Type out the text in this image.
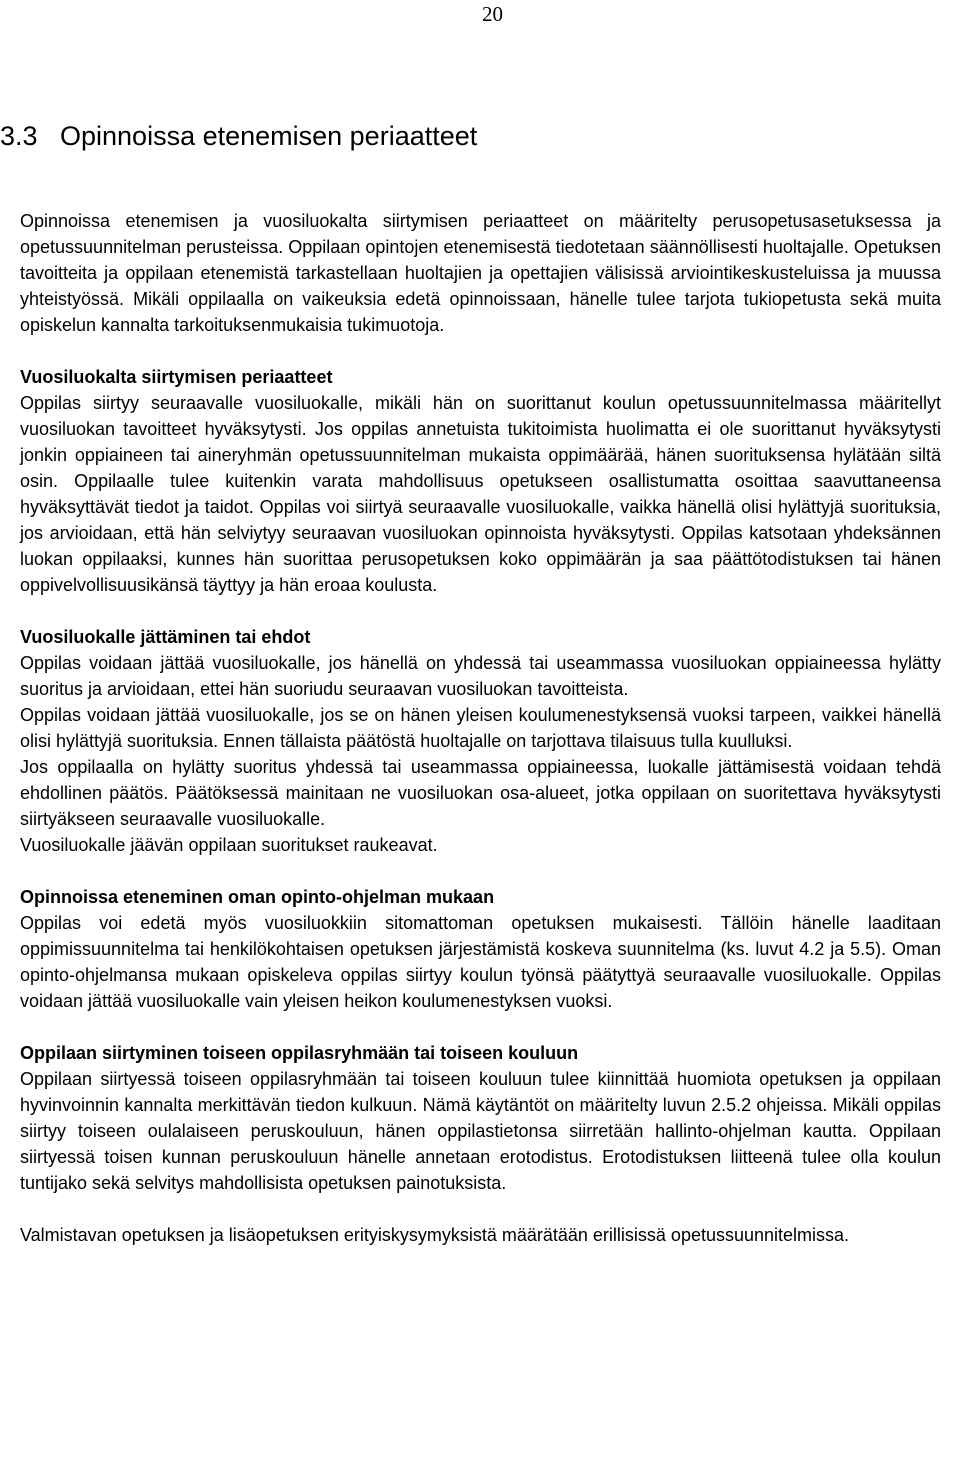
20
3.3 Opinnoissa etenemisen periaatteet

Opinnoissa etenemisen ja vuosiluokalta siirtymisen periaatteet on määritelty perusopetusasetuksessa ja opetussuunnitelman perusteissa. Oppilaan opintojen etenemisestä tiedotetaan säännöllisesti huoltajalle. Opetuksen tavoitteita ja oppilaan etenemistä tarkastellaan huoltajien ja opettajien välisissä arviointikeskusteluissa ja muussa yhteistyössä. Mikäli oppilaalla on vaikeuksia edetä opinnoissaan, hänelle tulee tarjota tukiopetusta sekä muita opiskelun kannalta tarkoituksenmukaisia tukimuotoja.

Vuosiluokalta siirtymisen periaatteet

Oppilas siirtyy seuraavalle vuosiluokalle, mikäli hän on suorittanut koulun opetussuunnitelmassa määritellyt vuosiluokan tavoitteet hyväksytysti. Jos oppilas annetuista tukitoimista huolimatta ei ole suorittanut hyväksytysti jonkin oppiaineen tai aineryhmän opetussuunnitelman mukaista oppimäärää, hänen suorituksensa hylätään siltä osin. Oppilaalle tulee kuitenkin varata mahdollisuus opetukseen osallistumatta osoittaa saavuttaneensa hyväksyttävät tiedot ja taidot. Oppilas voi siirtyä seuraavalle vuosiluokalle, vaikka hänellä olisi hylättyjä suorituksia, jos arvioidaan, että hän selviytyy seuraavan vuosiluokan opinnoista hyväksytysti. Oppilas katsotaan yhdeksännen luokan oppilaaksi, kunnes hän suorittaa perusopetuksen koko oppimäärän ja saa päättötodistuksen tai hänen oppivelvollisuusikänsä täyttyy ja hän eroaa koulusta.

Vuosiluokalle jättäminen tai ehdot

Oppilas voidaan jättää vuosiluokalle, jos hänellä on yhdessä tai useammassa vuosiluokan oppiaineessa hylätty suoritus ja arvioidaan, ettei hän suoriudu seuraavan vuosiluokan tavoitteista.

Oppilas voidaan jättää vuosiluokalle, jos se on hänen yleisen koulumenestyksensä vuoksi tarpeen, vaikkei hänellä olisi hylättyjä suorituksia. Ennen tällaista päätöstä huoltajalle on tarjottava tilaisuus tulla kuulluksi.

Jos oppilaalla on hylätty suoritus yhdessä tai useammassa oppiaineessa, luokalle jättämisestä voidaan tehdä ehdollinen päätös. Päätöksessä mainitaan ne vuosiluokan osa-alueet, jotka oppilaan on suoritettava hyväksytysti siirtyäkseen seuraavalle vuosiluokalle.

Vuosiluokalle jäävän oppilaan suoritukset raukeavat.

Opinnoissa eteneminen oman opinto-ohjelman mukaan

Oppilas voi edetä myös vuosiluokkiin sitomattoman opetuksen mukaisesti. Tällöin hänelle laaditaan oppimissuunnitelma tai henkilökohtaisen opetuksen järjestämistä koskeva suunnitelma (ks. luvut 4.2 ja 5.5). Oman opinto-ohjelmansa mukaan opiskeleva oppilas siirtyy koulun työnsä päätyttyä seuraavalle vuosiluokalle. Oppilas voidaan jättää vuosiluokalle vain yleisen heikon koulumenestyksen vuoksi.

Oppilaan siirtyminen toiseen oppilasryhmään tai toiseen kouluun

Oppilaan siirtyessä toiseen oppilasryhmään tai toiseen kouluun tulee kiinnittää huomiota opetuksen ja oppilaan hyvinvoinnin kannalta merkittävän tiedon kulkuun. Nämä käytäntöt on määritelty luvun 2.5.2 ohjeissa. Mikäli oppilas siirtyy toiseen oulalaiseen peruskouluun, hänen oppilastietonsa siirretään hallinto-ohjelman kautta. Oppilaan siirtyessä toisen kunnan peruskouluun hänelle annetaan erotodistus. Erotodistuksen liitteenä tulee olla koulun tuntijako sekä selvitys mahdollisista opetuksen painotuksista.

Valmistavan opetuksen ja lisäopetuksen erityiskysymyksistä määrätään erillisissä opetussuunnitelmissa.
